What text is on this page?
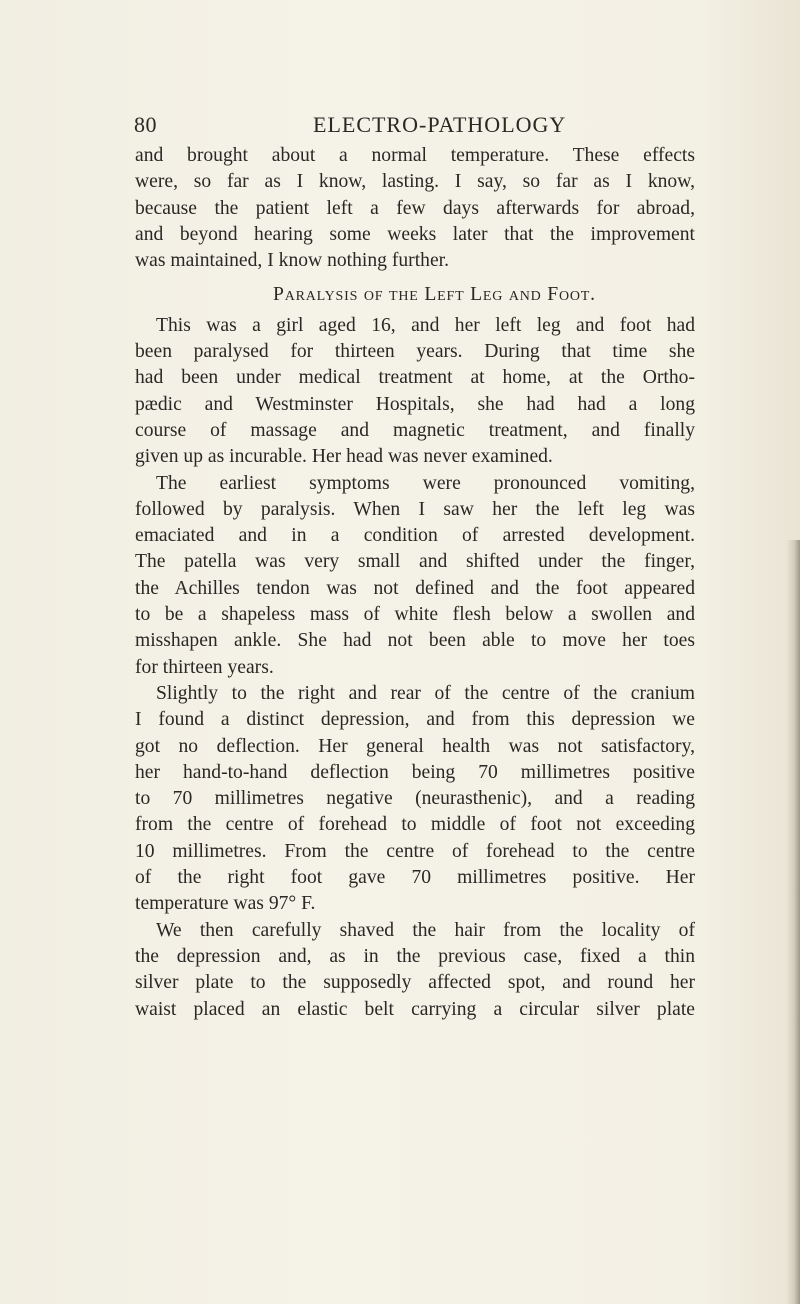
80	ELECTRO-PATHOLOGY
and brought about a normal temperature. These effects
were, so far as I know, lasting. I say, so far as I know,
because the patient left a few days afterwards for abroad,
and beyond hearing some weeks later that the improvement
was maintained, I know nothing further.
Paralysis of the Left Leg and Foot.
This was a girl aged 16, and her left leg and foot had
been paralysed for thirteen years. During that time she
had been under medical treatment at home, at the Ortho-
pædic and Westminster Hospitals, she had had a long
course of massage and magnetic treatment, and finally
given up as incurable. Her head was never examined.
The earliest symptoms were pronounced vomiting,
followed by paralysis. When I saw her the left leg was
emaciated and in a condition of arrested development.
The patella was very small and shifted under the finger,
the Achilles tendon was not defined and the foot appeared
to be a shapeless mass of white flesh below a swollen and
misshapen ankle. She had not been able to move her toes
for thirteen years.
Slightly to the right and rear of the centre of the cranium
I found a distinct depression, and from this depression we
got no deflection. Her general health was not satisfactory,
her hand-to-hand deflection being 70 millimetres positive
to 70 millimetres negative (neurasthenic), and a reading
from the centre of forehead to middle of foot not exceeding
10 millimetres. From the centre of forehead to the centre
of the right foot gave 70 millimetres positive. Her
temperature was 97° F.
We then carefully shaved the hair from the locality of
the depression and, as in the previous case, fixed a thin
silver plate to the supposedly affected spot, and round her
waist placed an elastic belt carrying a circular silver plate
